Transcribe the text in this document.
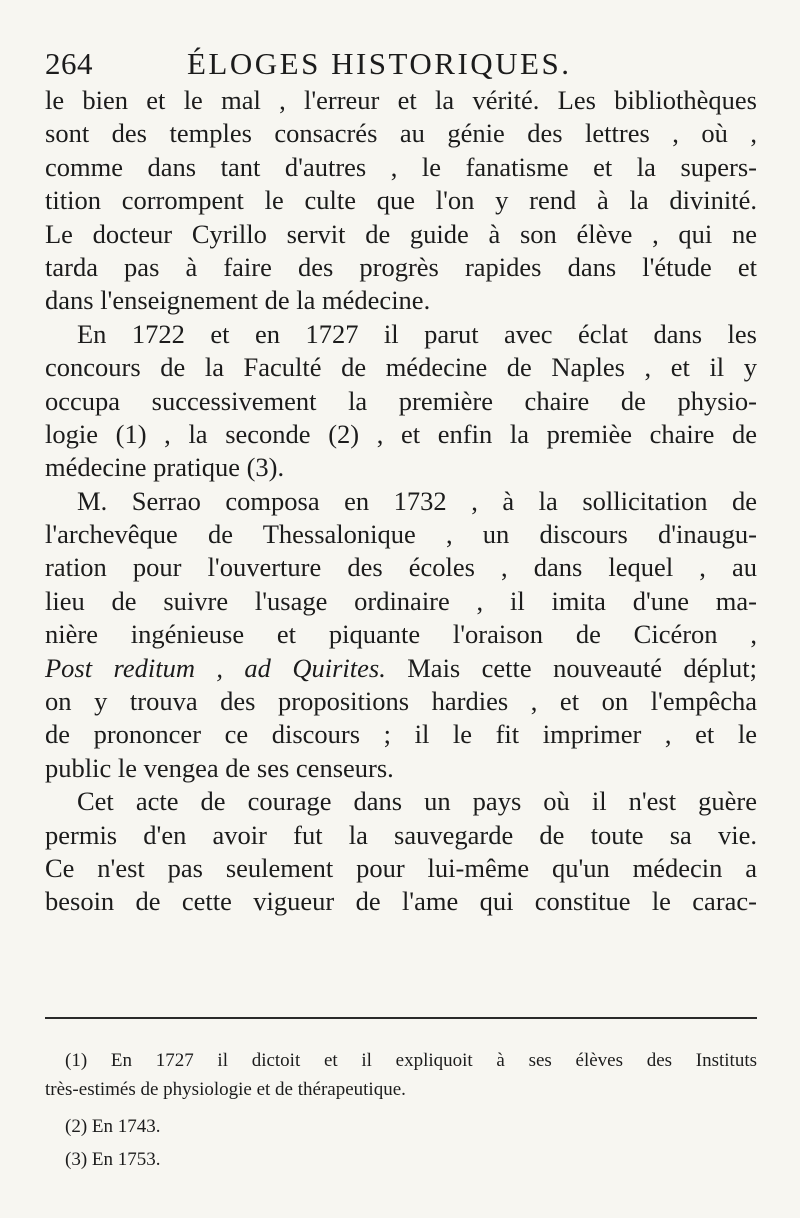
264	ÉLOGES HISTORIQUES.
le bien et le mal , l'erreur et la vérité. Les bibliothèques
sont des temples consacrés au génie des lettres , où ,
comme dans tant d'autres , le fanatisme et la supers-
tition corrompent le culte que l'on y rend à la divinité.
Le docteur Cyrillo servit de guide à son élève , qui ne
tarda pas à faire des progrès rapides dans l'étude et
dans l'enseignement de la médecine.
En 1722 et en 1727 il parut avec éclat dans les
concours de la Faculté de médecine de Naples , et il y
occupa successivement la première chaire de physio-
logie (1) , la seconde (2) , et enfin la premièe chaire de
médecine pratique (3).
M. Serrao composa en 1732 , à la sollicitation de
l'archevêque de Thessalonique , un discours d'inaugu-
ration pour l'ouverture des écoles , dans lequel , au
lieu de suivre l'usage ordinaire , il imita d'une ma-
nière ingénieuse et piquante l'oraison de Cicéron ,
Post reditum , ad Quirites. Mais cette nouveauté déplut;
on y trouva des propositions hardies , et on l'empêcha
de prononcer ce discours ; il le fit imprimer , et le
public le vengea de ses censeurs.
Cet acte de courage dans un pays où il n'est guère
permis d'en avoir fut la sauvegarde de toute sa vie.
Ce n'est pas seulement pour lui-même qu'un médecin a
besoin de cette vigueur de l'ame qui constitue le carac-
(1) En 1727 il dictoit et il expliquoit à ses élèves des Instituts
très-estimés de physiologie et de thérapeutique.
(2) En 1743.
(3) En 1753.
